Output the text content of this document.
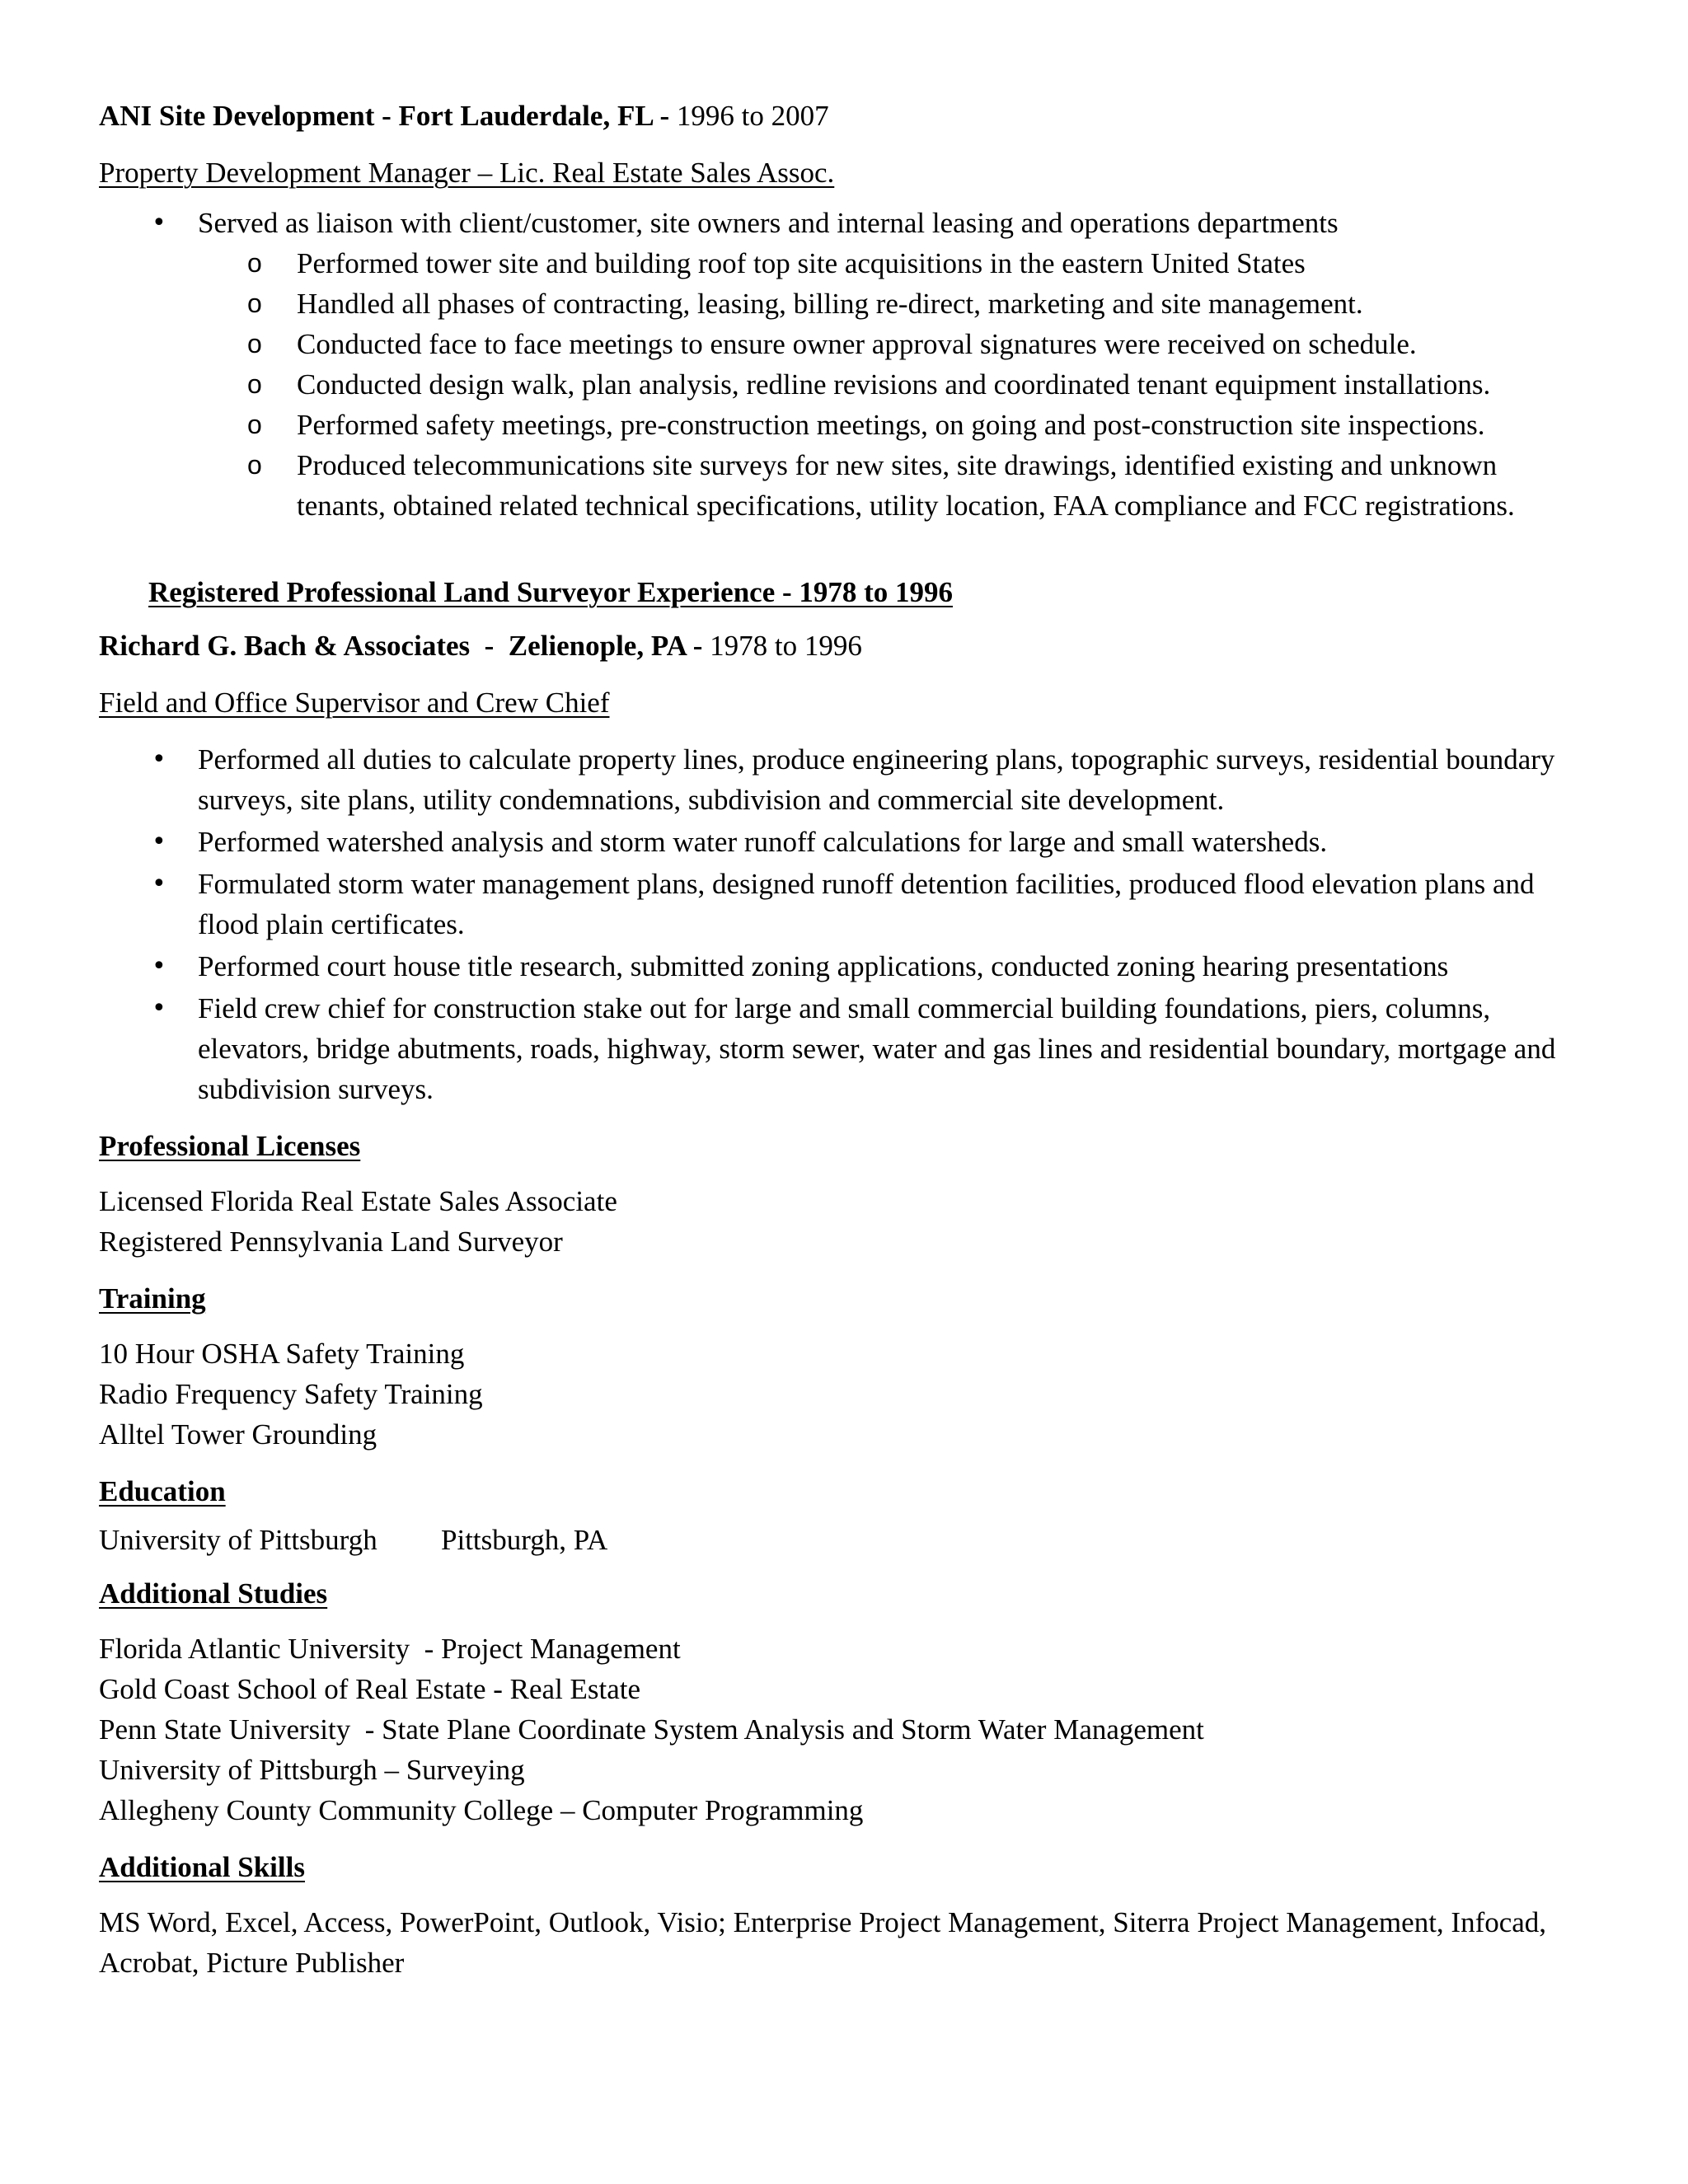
ANI Site Development - Fort Lauderdale, FL - 1996 to 2007
Property Development Manager – Lic. Real Estate Sales Assoc.
• Served as liaison with client/customer, site owners and internal leasing and operations departments
o Performed tower site and building roof top site acquisitions in the eastern United States
o Handled all phases of contracting, leasing, billing re-direct, marketing and site management.
o Conducted face to face meetings to ensure owner approval signatures were received on schedule.
o Conducted design walk, plan analysis, redline revisions and coordinated tenant equipment installations.
o Performed safety meetings, pre-construction meetings, on going and post-construction site inspections.
o Produced telecommunications site surveys for new sites, site drawings, identified existing and unknown tenants, obtained related technical specifications, utility location, FAA compliance and FCC registrations.
Registered Professional Land Surveyor Experience - 1978 to 1996
Richard G. Bach & Associates  -  Zelienople, PA - 1978 to 1996
Field and Office Supervisor and Crew Chief
• Performed all duties to calculate property lines, produce engineering plans, topographic surveys, residential boundary surveys, site plans, utility condemnations, subdivision and commercial site development.
• Performed watershed analysis and storm water runoff calculations for large and small watersheds.
• Formulated storm water management plans, designed runoff detention facilities, produced flood elevation plans and flood plain certificates.
• Performed court house title research, submitted zoning applications, conducted zoning hearing presentations
• Field crew chief for construction stake out for large and small commercial building foundations, piers, columns, elevators, bridge abutments, roads, highway, storm sewer, water and gas lines and residential boundary, mortgage and subdivision surveys.
Professional Licenses
Licensed Florida Real Estate Sales Associate
Registered Pennsylvania Land Surveyor
Training
10 Hour OSHA Safety Training
Radio Frequency Safety Training
Alltel Tower Grounding
Education
University of Pittsburgh Pittsburgh, PA
Additional Studies
Florida Atlantic University  - Project Management
Gold Coast School of Real Estate - Real Estate
Penn State University  - State Plane Coordinate System Analysis and Storm Water Management
University of Pittsburgh – Surveying
Allegheny County Community College – Computer Programming
Additional Skills
MS Word, Excel, Access, PowerPoint, Outlook, Visio; Enterprise Project Management, Siterra Project Management, Infocad, Acrobat, Picture Publisher
